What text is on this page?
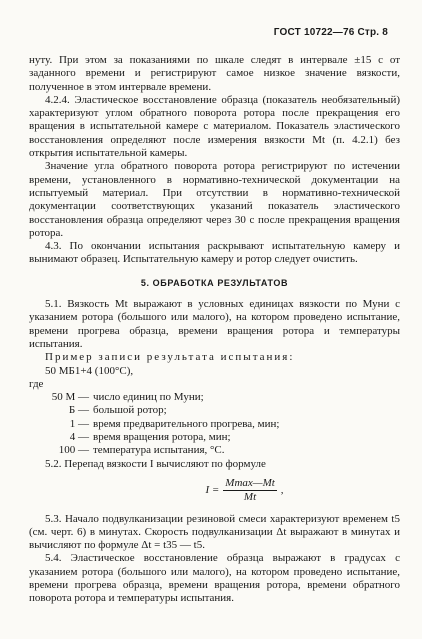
ГОСТ 10722—76 Стр. 8

нуту. При этом за показаниями по шкале следят в интервале ±15 с от заданного времени и регистрируют самое низкое значение вязкости, полученное в этом интервале времени.

4.2.4. Эластическое восстановление образца (показатель необязательный) характеризуют углом обратного поворота ротора после прекращения его вращения в испытательной камере с материалом. Показатель эластического восстановления определяют после измерения вязкости Mt (п. 4.2.1) без открытия испытательной камеры.

Значение угла обратного поворота ротора регистрируют по истечении времени, установленного в нормативно-технической документации на испытуемый материал. При отсутствии в нормативно-технической документации соответствующих указаний показатель эластического восстановления образца определяют через 30 с после прекращения вращения ротора.

4.3. По окончании испытания раскрывают испытательную камеру и вынимают образец. Испытательную камеру и ротор следует очистить.

5. ОБРАБОТКА РЕЗУЛЬТАТОВ

5.1. Вязкость Mt выражают в условных единицах вязкости по Муни с указанием ротора (большого или малого), на котором проведено испытание, времени прогрева образца, времени вращения ротора и температуры испытания.

Пример записи результата испытания:

50 МБ1+4 (100°С),

где

50 М — число единиц по Муни;
Б — большой ротор;
1 — время предварительного прогрева, мин;
4 — время вращения ротора, мин;
100 — температура испытания, °С.

5.2. Перепад вязкости I вычисляют по формуле

$I = \frac{Mmax—Mt}{Mt}$ ,

5.3. Начало подвулканизации резиновой смеси характеризуют временем t5 (см. черт. 6) в минутах. Скорость подвулканизации Δt выражают в минутах и вычисляют по формуле Δt = t35 — t5.

5.4. Эластическое восстановление образца выражают в градусах с указанием ротора (большого или малого), на котором проведено испытание, времени прогрева образца, времени вращения ротора, времени обратного поворота ротора и температуры испытания.
